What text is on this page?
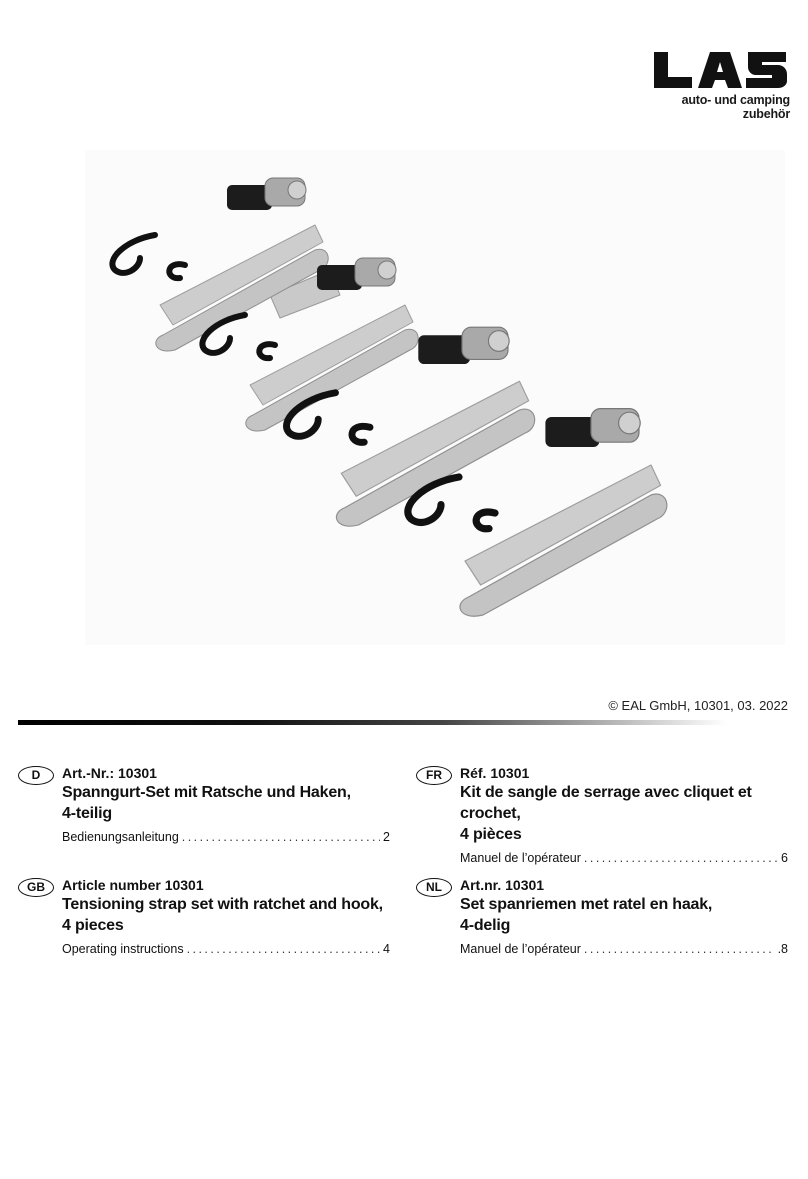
auto- und camping zubehör
© EAL GmbH, 10301, 03. 2022
D	Art.-Nr.: 10301
Spanngurt-Set mit Ratsche und Haken,
4-teilig
Bedienungsanleitung . . .	2
FR	Réf. 10301
Kit de sangle de serrage avec cliquet et crochet,
4 pièces
Manuel de l’opérateur . . .	6
GB	Article number 10301
Tensioning strap set with ratchet and hook,
4 pieces
Operating instructions . . .	4
NL	Art.nr. 10301
Set spanriemen met ratel en haak,
4-delig
Manuel de l’opérateur . . .	.8
